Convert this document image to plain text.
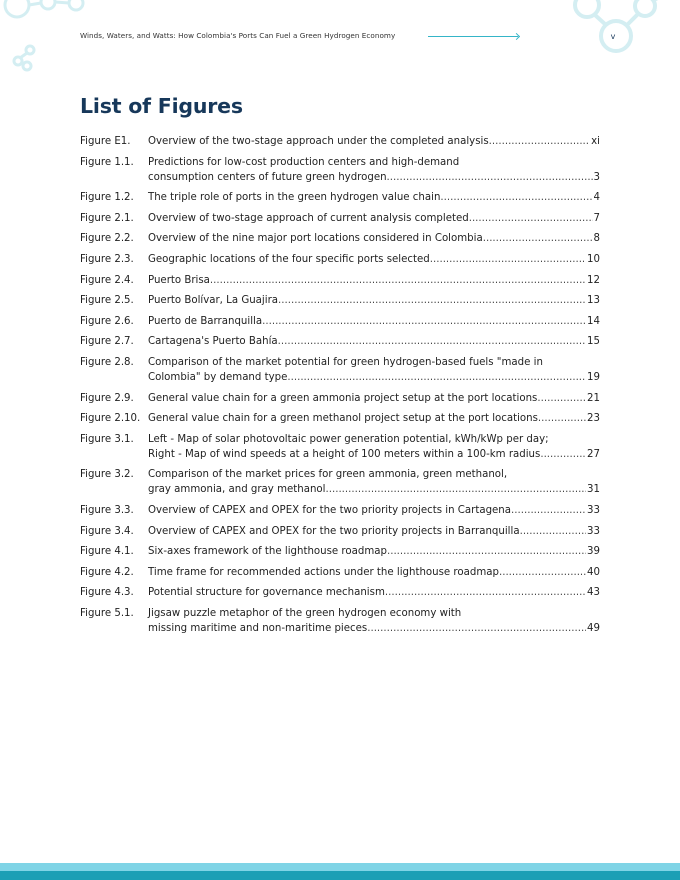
Winds, Waters, and Watts: How Colombia's Ports Can Fuel a Green Hydrogen Economy	v
List of Figures
Figure E1.	Overview of the two-stage approach under the completed analysis .....	xi
Figure 1.1.	Predictions for low-cost production centers and high-demand
consumption centers of future green hydrogen .....	3
Figure 1.2.	The triple role of ports in the green hydrogen value chain .....	4
Figure 2.1.	Overview of two-stage approach of current analysis completed .....	7
Figure 2.2.	Overview of the nine major port locations considered in Colombia .....	8
Figure 2.3.	Geographic locations of the four specific ports selected .....	10
Figure 2.4.	Puerto Brisa .....	12
Figure 2.5.	Puerto Bolívar, La Guajira .....	13
Figure 2.6.	Puerto de Barranquilla .....	14
Figure 2.7.	Cartagena's Puerto Bahía .....	15
Figure 2.8.	Comparison of the market potential for green hydrogen-based fuels "made in
Colombia" by demand type .....	19
Figure 2.9.	General value chain for a green ammonia project setup at the port locations .....	21
Figure 2.10. General value chain for a green methanol project setup at the port locations .....	23
Figure 3.1.	Left - Map of solar photovoltaic power generation potential, kWh/kWp per day;
Right - Map of wind speeds at a height of 100 meters within a 100-km radius .....	27
Figure 3.2.	Comparison of the market prices for green ammonia, green methanol,
gray ammonia, and gray methanol .....	31
Figure 3.3.	Overview of CAPEX and OPEX for the two priority projects in Cartagena .....	33
Figure 3.4.	Overview of CAPEX and OPEX for the two priority projects in Barranquilla .....	33
Figure 4.1.	Six-axes framework of the lighthouse roadmap .....	39
Figure 4.2.	Time frame for recommended actions under the lighthouse roadmap .....	40
Figure 4.3.	Potential structure for governance mechanism .....	43
Figure 5.1.	Jigsaw puzzle metaphor of the green hydrogen economy with
missing maritime and non-maritime pieces .....	49
